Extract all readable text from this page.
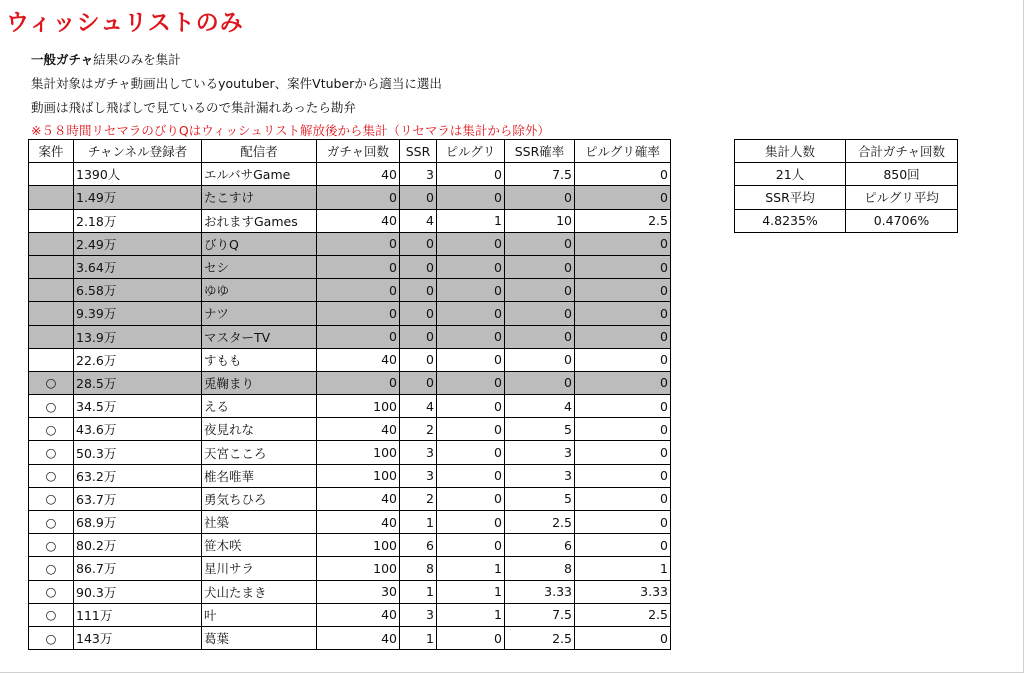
ウィッシュリストのみ
一般ガチャ結果のみを集計
集計対象はガチャ動画出しているyoutuber、案件Vtuberから適当に選出
動画は飛ばし飛ばしで見ているので集計漏れあったら勘弁
※５８時間リセマラのびりQはウィッシュリスト解放後から集計（リセマラは集計から除外）
案件	チャンネル登録者	配信者	ガチャ回数	SSR	ピルグリ	SSR確率	ピルグリ確率
	1390人	エルバサGame	40	3	0	7.5	0
	1.49万	たこすけ	0	0	0	0	0
	2.18万	おれますGames	40	4	1	10	2.5
	2.49万	びりQ	0	0	0	0	0
	3.64万	セシ	0	0	0	0	0
	6.58万	ゆゆ	0	0	0	0	0
	9.39万	ナツ	0	0	0	0	0
	13.9万	マスターTV	0	0	0	0	0
	22.6万	すもも	40	0	0	0	0
○	28.5万	兎鞠まり	0	0	0	0	0
○	34.5万	える	100	4	0	4	0
○	43.6万	夜見れな	40	2	0	5	0
○	50.3万	天宮こころ	100	3	0	3	0
○	63.2万	椎名唯華	100	3	0	3	0
○	63.7万	勇気ちひろ	40	2	0	5	0
○	68.9万	社築	40	1	0	2.5	0
○	80.2万	笹木咲	100	6	0	6	0
○	86.7万	星川サラ	100	8	1	8	1
○	90.3万	犬山たまき	30	1	1	3.33	3.33
○	111万	叶	40	3	1	7.5	2.5
○	143万	葛葉	40	1	0	2.5	0
集計人数	合計ガチャ回数
21人	850回
SSR平均	ピルグリ平均
4.8235%	0.4706%
